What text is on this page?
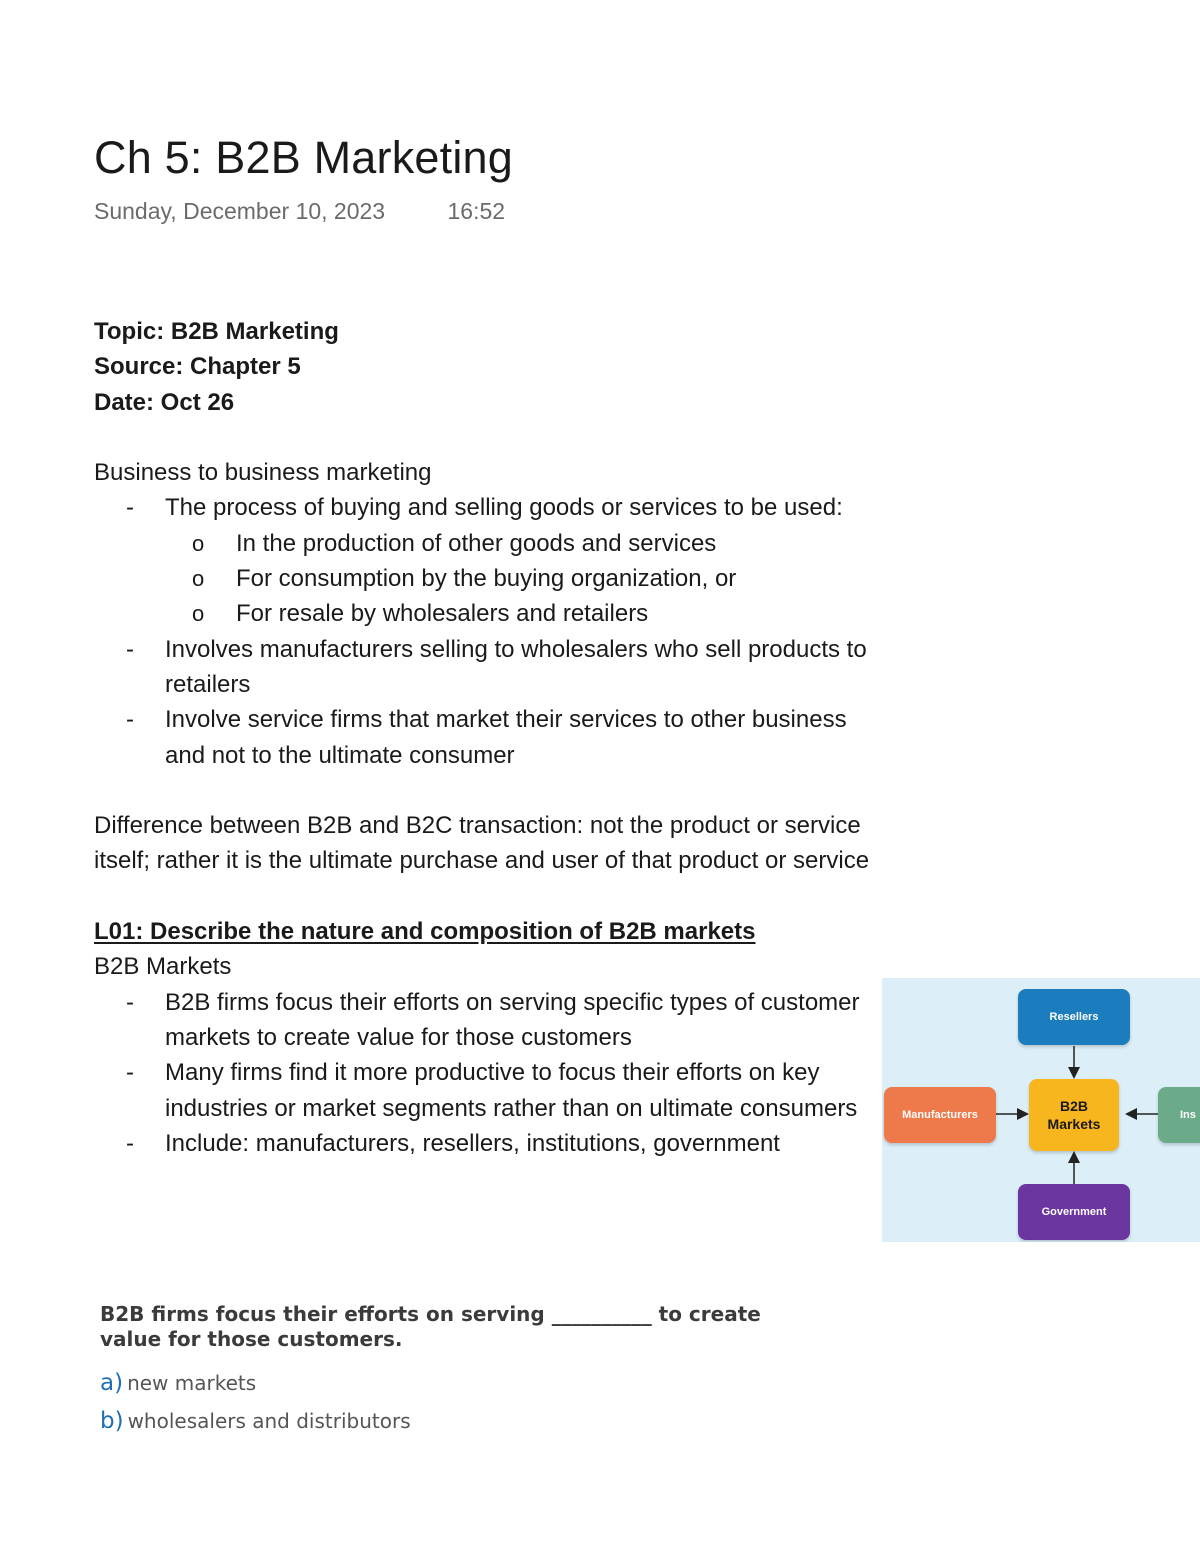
Ch 5: B2B Marketing
Sunday, December 10, 2023	16:52
Topic: B2B Marketing
Source: Chapter 5
Date: Oct 26
Business to business marketing
- The process of buying and selling goods or services to be used:
o In the production of other goods and services
o For consumption by the buying organization, or
o For resale by wholesalers and retailers
- Involves manufacturers selling to wholesalers who sell products to retailers
- Involve service firms that market their services to other business and not to the ultimate consumer
Difference between B2B and B2C transaction: not the product or service itself; rather it is the ultimate purchase and user of that product or service
L01: Describe the nature and composition of B2B markets
B2B Markets
- B2B firms focus their efforts on serving specific types of customer markets to create value for those customers
- Many firms find it more productive to focus their efforts on key industries or market segments rather than on ultimate consumers
- Include: manufacturers, resellers, institutions, government
Resellers
Manufacturers
B2B Markets
Ins
Government
B2B firms focus their efforts on serving __________ to create value for those customers.
a) new markets
b) wholesalers and distributors
